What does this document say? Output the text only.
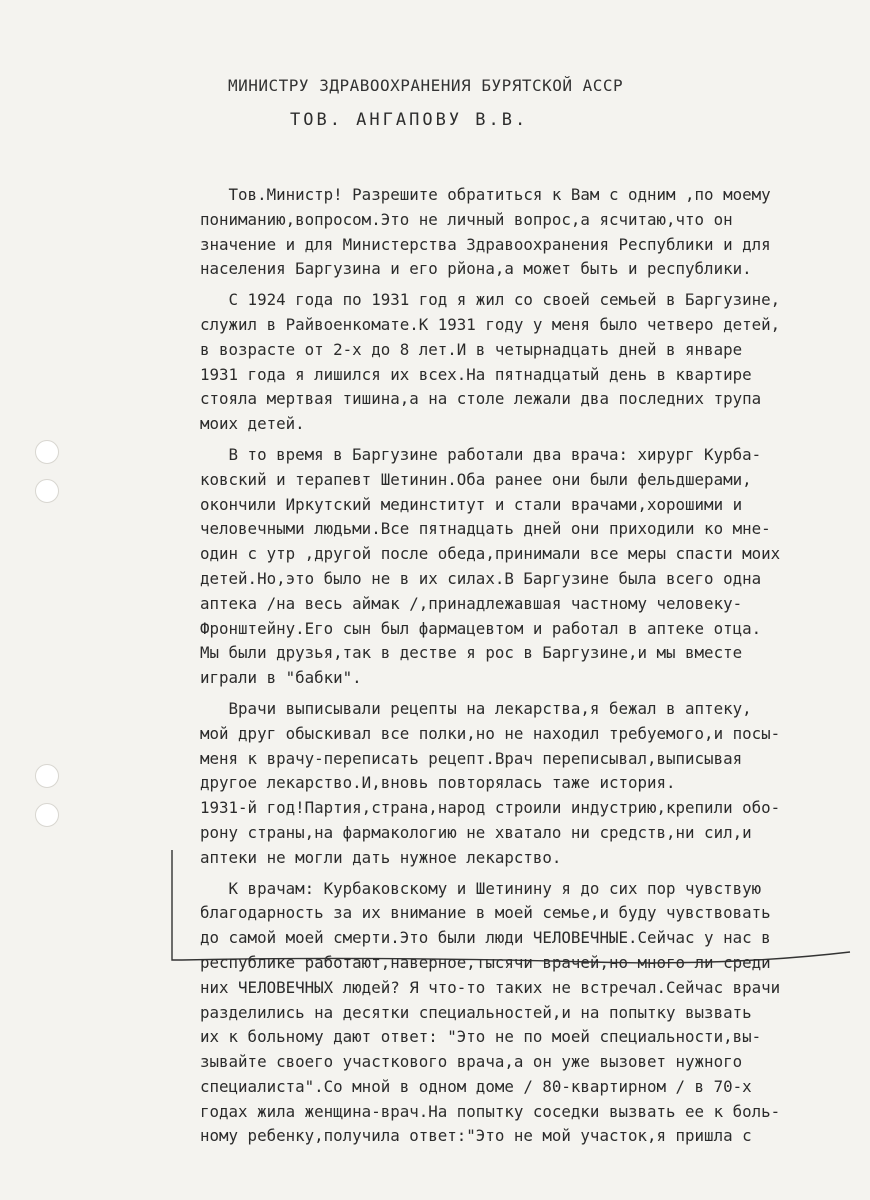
МИНИСТРУ ЗДРАВООХРАНЕНИЯ БУРЯТСКОЙ АССР
ТОВ. АНГАПОВУ В.В.
Тов.Министр! Разрешите обратиться к Вам с одним ,по моему
пониманию,вопросом.Это не личный вопрос,а ясчитаю,что он
значение и для Министерства Здравоохранения Республики и для
населения Баргузина и его рйона,а может быть и республики.
С 1924 года по 1931 год я жил со своей семьей в Баргузине,
служил в Райвоенкомате.К 1931 году у меня было четверо детей,
в возрасте от 2-х до 8 лет.И в четырнадцать дней в январе
1931 года я лишился их всех.На пятнадцатый день в квартире
стояла мертвая тишина,а на столе лежали два последних трупа
моих детей.
В то время в Баргузине работали два врача: хирург Курба-
ковский и терапевт Шетинин.Оба ранее они были фельдшерами,
окончили Иркутский мединститут и стали врачами,хорошими и
человечными людьми.Все пятнадцать дней они приходили ко мне-
один с утр ,другой после обеда,принимали все меры спасти моих
детей.Но,это было не в их силах.В Баргузине была всего одна
аптека /на весь аймак /,принадлежавшая частному человеку-
Фронштейну.Его сын был фармацевтом и работал в аптеке отца.
Мы были друзья,так в дестве я рос в Баргузине,и мы вместе
играли в "бабки".
Врачи выписывали рецепты на лекарства,я бежал в аптеку,
мой друг обыскивал все полки,но не находил требуемого,и посы-
меня к врачу-переписать рецепт.Врач переписывал,выписывая
другое лекарство.И,вновь повторялась таже история.
1931-й год!Партия,страна,народ строили индустрию,крепили обо-
рону страны,на фармакологию не хватало ни средств,ни сил,и
аптеки не могли дать нужное лекарство.
К врачам: Курбаковскому и Шетинину я до сих пор чувствую
благодарность за их внимание в моей семье,и буду чувствовать
до самой моей смерти.Это были люди ЧЕЛОВЕЧНЫЕ.Сейчас у нас в
республике работают,наверное,тысячи врачей,но много ли среди
них ЧЕЛОВЕЧНЫХ людей? Я что-то таких не встречал.Сейчас врачи
разделились на десятки специальностей,и на попытку вызвать
их к больному дают ответ: "Это не по моей специальности,вы-
зывайте своего участкового врача,а он уже вызовет нужного
специалиста".Со мной в одном доме / 80-квартирном / в 70-х
годах жила женщина-врач.На попытку соседки вызвать ее к боль-
ному ребенку,получила ответ:"Это не мой участок,я пришла с
